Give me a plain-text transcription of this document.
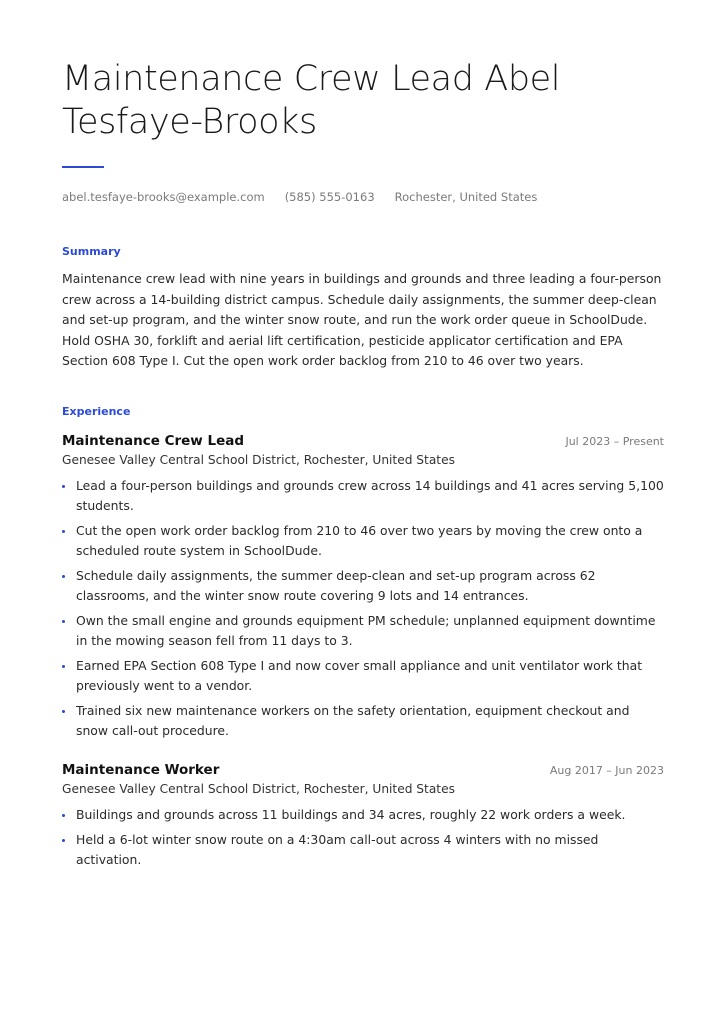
Maintenance Crew Lead Abel Tesfaye-Brooks
abel.tesfaye-brooks@example.com (585) 555-0163 Rochester, United States
Summary

Maintenance crew lead with nine years in buildings and grounds and three leading a four-person crew across a 14-building district campus. Schedule daily assignments, the summer deep-clean and set-up program, and the winter snow route, and run the work order queue in SchoolDude. Hold OSHA 30, forklift and aerial lift certification, pesticide applicator certification and EPA Section 608 Type I. Cut the open work order backlog from 210 to 46 over two years.

Experience
Maintenance Crew Lead	Jul 2023 – Present
Genesee Valley Central School District, Rochester, United States
Lead a four-person buildings and grounds crew across 14 buildings and 41 acres serving 5,100 students.
Cut the open work order backlog from 210 to 46 over two years by moving the crew onto a scheduled route system in SchoolDude.
Schedule daily assignments, the summer deep-clean and set-up program across 62 classrooms, and the winter snow route covering 9 lots and 14 entrances.
Own the small engine and grounds equipment PM schedule; unplanned equipment downtime in the mowing season fell from 11 days to 3.
Earned EPA Section 608 Type I and now cover small appliance and unit ventilator work that previously went to a vendor.
Trained six new maintenance workers on the safety orientation, equipment checkout and snow call-out procedure.
Maintenance Worker	Aug 2017 – Jun 2023
Genesee Valley Central School District, Rochester, United States
Buildings and grounds across 11 buildings and 34 acres, roughly 22 work orders a week.
Held a 6-lot winter snow route on a 4:30am call-out across 4 winters with no missed activation.
